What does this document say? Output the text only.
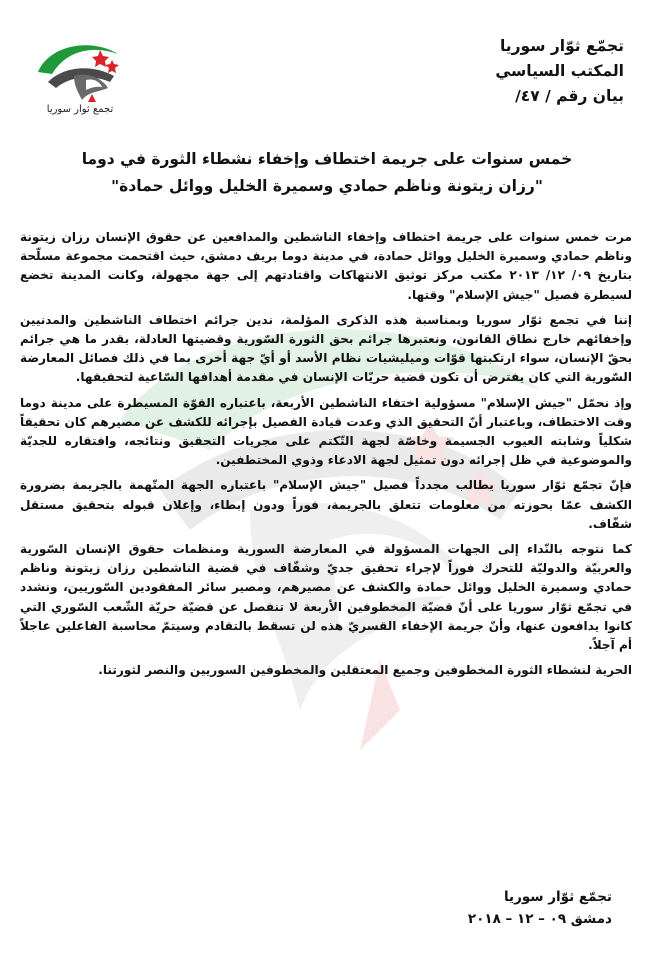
تجمع ثوار سوريا
تجمّع ثوّار سوريا
المكتب السياسي
بيان رقم / ٤٧/
خمس سنوات على جريمة اختطاف وإخفاء نشطاء الثورة في دوما
"رزان زيتونة وناظم حمادي وسميرة الخليل ووائل حمادة"

مرت خمس سنوات على جريمة اختطاف وإخفاء الناشطين والمدافعين عن حقوق الإنسان رزان زيتونة وناظم حمادي وسميرة الخليل ووائل حمادة، في مدينة دوما بريف دمشق، حيث اقتحمت مجموعة مسلّحة بتاريخ ٠٩/ ١٢/ ٢٠١٣ مكتب مركز توثيق الانتهاكات واقتادتهم إلى جهة مجهولة، وكانت المدينة تخضع لسيطرة فصيل "جيش الإسلام" وقتها.

إننا في تجمع ثوّار سوريا وبمناسبة هذه الذكرى المؤلمة، ندين جرائم اختطاف الناشطين والمدنيين وإخفائهم خارج نطاق القانون، ونعتبرها جرائم بحق الثورة السّورية وقضيتها العادلة، بقدر ما هي جرائم بحقّ الإنسان، سواء ارتكبتها قوّات وميليشيات نظام الأسد أو أيّ جهة أخرى بما في ذلك فصائل المعارضة السّورية التي كان يفترض أن تكون قضية حريّات الإنسان في مقدمة أهدافها السّاعية لتحقيقها.

وإذ نحمّل "جيش الإسلام" مسؤولية اختفاء الناشطين الأربعة، باعتباره القوّة المسيطرة على مدينة دوما وقت الاختطاف، وباعتبار أنّ التحقيق الذي وعدت قيادة الفصيل بإجرائه للكشف عن مصيرهم كان تحقيقاً شكلياً وشابته العيوب الجسيمة وخاصّة لجهة التّكتم على مجريات التحقيق ونتائجه، وافتقاره للجديّة والموضوعية في ظل إجرائه دون تمثيل لجهة الادعاء وذوي المختطفين.

فإنّ تجمّع ثوّار سوريا يطالب مجدداً فصيل "جيش الإسلام" باعتباره الجهة المتّهمة بالجريمة بضرورة الكشف عمّا بحوزته من معلومات تتعلق بالجريمة، فوراً ودون إبطاء، وإعلان قبوله بتحقيق مستقل شفّاف.

كما نتوجه بالنّداء إلى الجهات المسؤولة في المعارضة السورية ومنظمات حقوق الإنسان السّورية والعربيّة والدوليّة للتحرك فوراً لإجراء تحقيق جديّ وشفّاف في قضية الناشطين رزان زيتونة وناظم حمادي وسميرة الخليل ووائل حمادة والكشف عن مصيرهم، ومصير سائر المفقودين السّوريين، ونشدد في تجمّع ثوّار سوريا على أنّ قضيّة المخطوفين الأربعة لا تنفصل عن قضيّة حريّة الشّعب السّوري التي كانوا يدافعون عنها، وأنّ جريمة الإخفاء القسريّ هذه لن تسقط بالتقادم وسيتمّ محاسبة الفاعلين عاجلاً أم آجلاً.

الحرية لنشطاء الثورة المخطوفين وجميع المعتقلين والمخطوفين السوريين والنصر لثورتنا.

تجمّع ثوّار سوريا
دمشق ٠٩ – ١٢ – ٢٠١٨
